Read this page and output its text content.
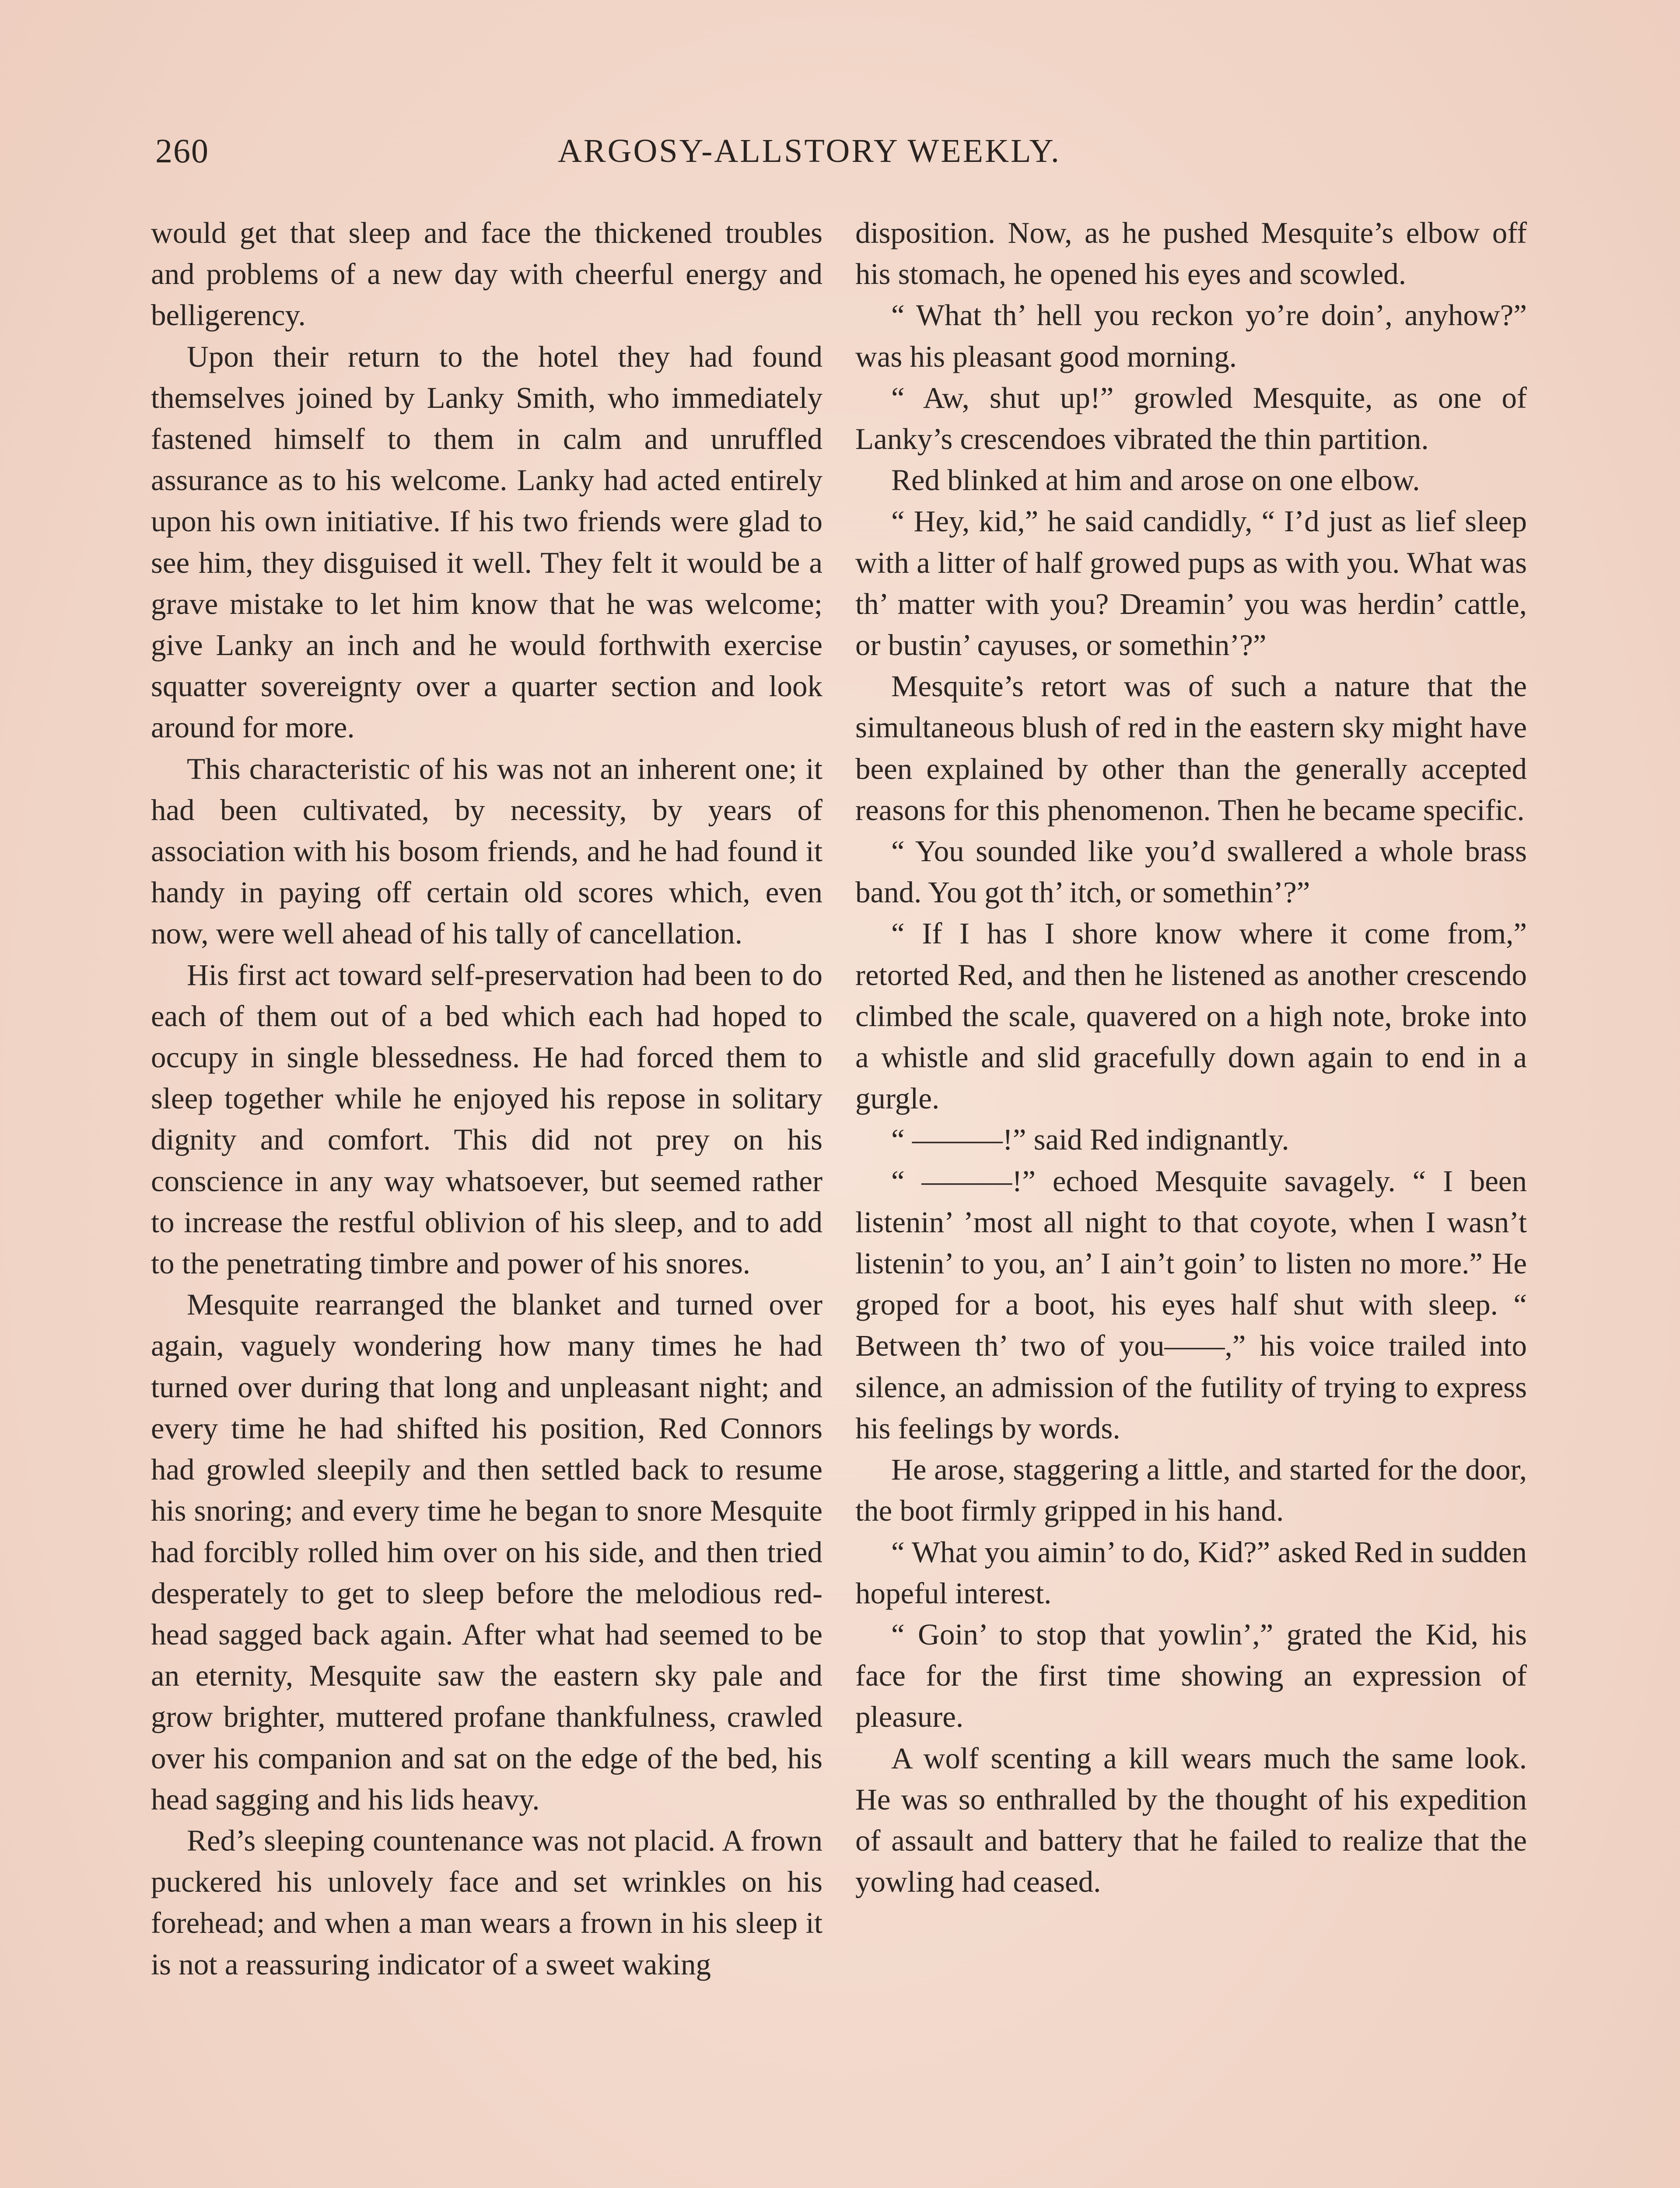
260	ARGOSY-ALLSTORY WEEKLY.

would get that sleep and face the thickened troubles and problems of a new day with cheerful energy and belligerency.

Upon their return to the hotel they had found themselves joined by Lanky Smith, who immediately fastened himself to them in calm and unruffled assurance as to his welcome. Lanky had acted entirely upon his own initiative. If his two friends were glad to see him, they disguised it well. They felt it would be a grave mistake to let him know that he was welcome; give Lanky an inch and he would forthwith exercise squatter sovereignty over a quarter section and look around for more.

This characteristic of his was not an inherent one; it had been cultivated, by necessity, by years of association with his bosom friends, and he had found it handy in paying off certain old scores which, even now, were well ahead of his tally of cancellation.

His first act toward self-preservation had been to do each of them out of a bed which each had hoped to occupy in single blessedness. He had forced them to sleep together while he enjoyed his repose in solitary dignity and comfort. This did not prey on his conscience in any way whatsoever, but seemed rather to increase the restful oblivion of his sleep, and to add to the penetrating timbre and power of his snores.

Mesquite rearranged the blanket and turned over again, vaguely wondering how many times he had turned over during that long and unpleasant night; and every time he had shifted his position, Red Connors had growled sleepily and then settled back to resume his snoring; and every time he began to snore Mesquite had forcibly rolled him over on his side, and then tried desperately to get to sleep before the melodious red-head sagged back again. After what had seemed to be an eternity, Mesquite saw the eastern sky pale and grow brighter, muttered profane thankfulness, crawled over his companion and sat on the edge of the bed, his head sagging and his lids heavy.

Red’s sleeping countenance was not placid. A frown puckered his unlovely face and set wrinkles on his forehead; and when a man wears a frown in his sleep it is not a reassuring indicator of a sweet waking

disposition. Now, as he pushed Mesquite’s elbow off his stomach, he opened his eyes and scowled.

“ What th’ hell you reckon yo’re doin’, anyhow?” was his pleasant good morning.

“ Aw, shut up!” growled Mesquite, as one of Lanky’s crescendoes vibrated the thin partition.

Red blinked at him and arose on one elbow.

“ Hey, kid,” he said candidly, “ I’d just as lief sleep with a litter of half growed pups as with you. What was th’ matter with you? Dreamin’ you was herdin’ cattle, or bustin’ cayuses, or somethin’?”

Mesquite’s retort was of such a nature that the simultaneous blush of red in the eastern sky might have been explained by other than the generally accepted reasons for this phenomenon. Then he became specific.

“ You sounded like you’d swallered a whole brass band. You got th’ itch, or somethin’?”

“ If I has I shore know where it come from,” retorted Red, and then he listened as another crescendo climbed the scale, quavered on a high note, broke into a whistle and slid gracefully down again to end in a gurgle.

“ ———!” said Red indignantly.

“ ———!” echoed Mesquite savagely. “ I been listenin’ ’most all night to that coyote, when I wasn’t listenin’ to you, an’ I ain’t goin’ to listen no more.” He groped for a boot, his eyes half shut with sleep. “ Between th’ two of you——,” his voice trailed into silence, an admission of the futility of trying to express his feelings by words.

He arose, staggering a little, and started for the door, the boot firmly gripped in his hand.

“ What you aimin’ to do, Kid?” asked Red in sudden hopeful interest.

“ Goin’ to stop that yowlin’,” grated the Kid, his face for the first time showing an expression of pleasure.

A wolf scenting a kill wears much the same look. He was so enthralled by the thought of his expedition of assault and battery that he failed to realize that the yowling had ceased.
